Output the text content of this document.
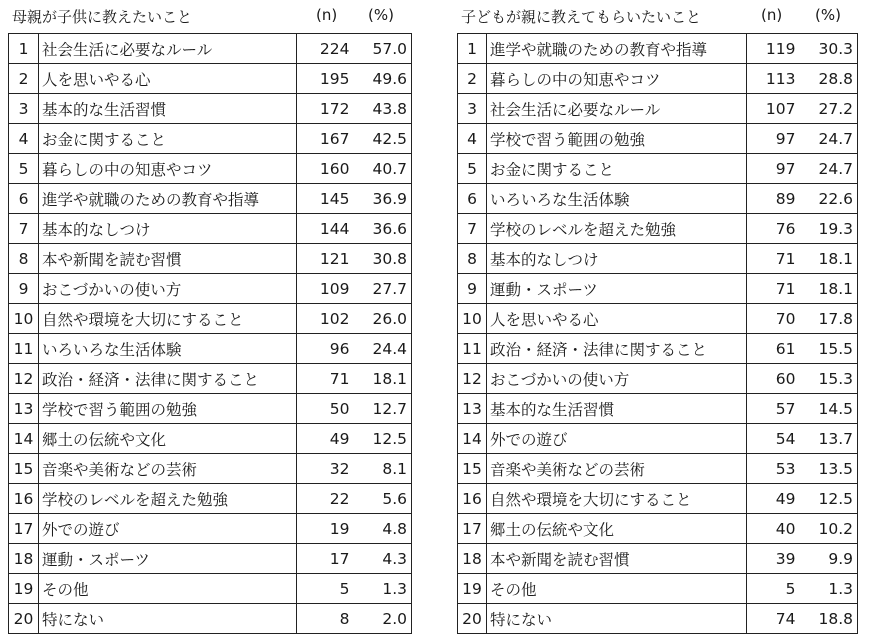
母親が子供に教えたいこと	(n) (%)
1	社会生活に必要なルール	224	57.0
2	人を思いやる心	195	49.6
3	基本的な生活習慣	172	43.8
4	お金に関すること	167	42.5
5	暮らしの中の知恵やコツ	160	40.7
6	進学や就職のための教育や指導	145	36.9
7	基本的なしつけ	144	36.6
8	本や新聞を読む習慣	121	30.8
9	おこづかいの使い方	109	27.7
10	自然や環境を大切にすること	102	26.0
11	いろいろな生活体験	96	24.4
12	政治・経済・法律に関すること	71	18.1
13	学校で習う範囲の勉強	50	12.7
14	郷土の伝統や文化	49	12.5
15	音楽や美術などの芸術	32	8.1
16	学校のレベルを超えた勉強	22	5.6
17	外での遊び	19	4.8
18	運動・スポーツ	17	4.3
19	その他	5	1.3
20	特にない	8	2.0
子どもが親に教えてもらいたいこと	(n) (%)
1	進学や就職のための教育や指導	119	30.3
2	暮らしの中の知恵やコツ	113	28.8
3	社会生活に必要なルール	107	27.2
4	学校で習う範囲の勉強	97	24.7
5	お金に関すること	97	24.7
6	いろいろな生活体験	89	22.6
7	学校のレベルを超えた勉強	76	19.3
8	基本的なしつけ	71	18.1
9	運動・スポーツ	71	18.1
10	人を思いやる心	70	17.8
11	政治・経済・法律に関すること	61	15.5
12	おこづかいの使い方	60	15.3
13	基本的な生活習慣	57	14.5
14	外での遊び	54	13.7
15	音楽や美術などの芸術	53	13.5
16	自然や環境を大切にすること	49	12.5
17	郷土の伝統や文化	40	10.2
18	本や新聞を読む習慣	39	9.9
19	その他	5	1.3
20	特にない	74	18.8
